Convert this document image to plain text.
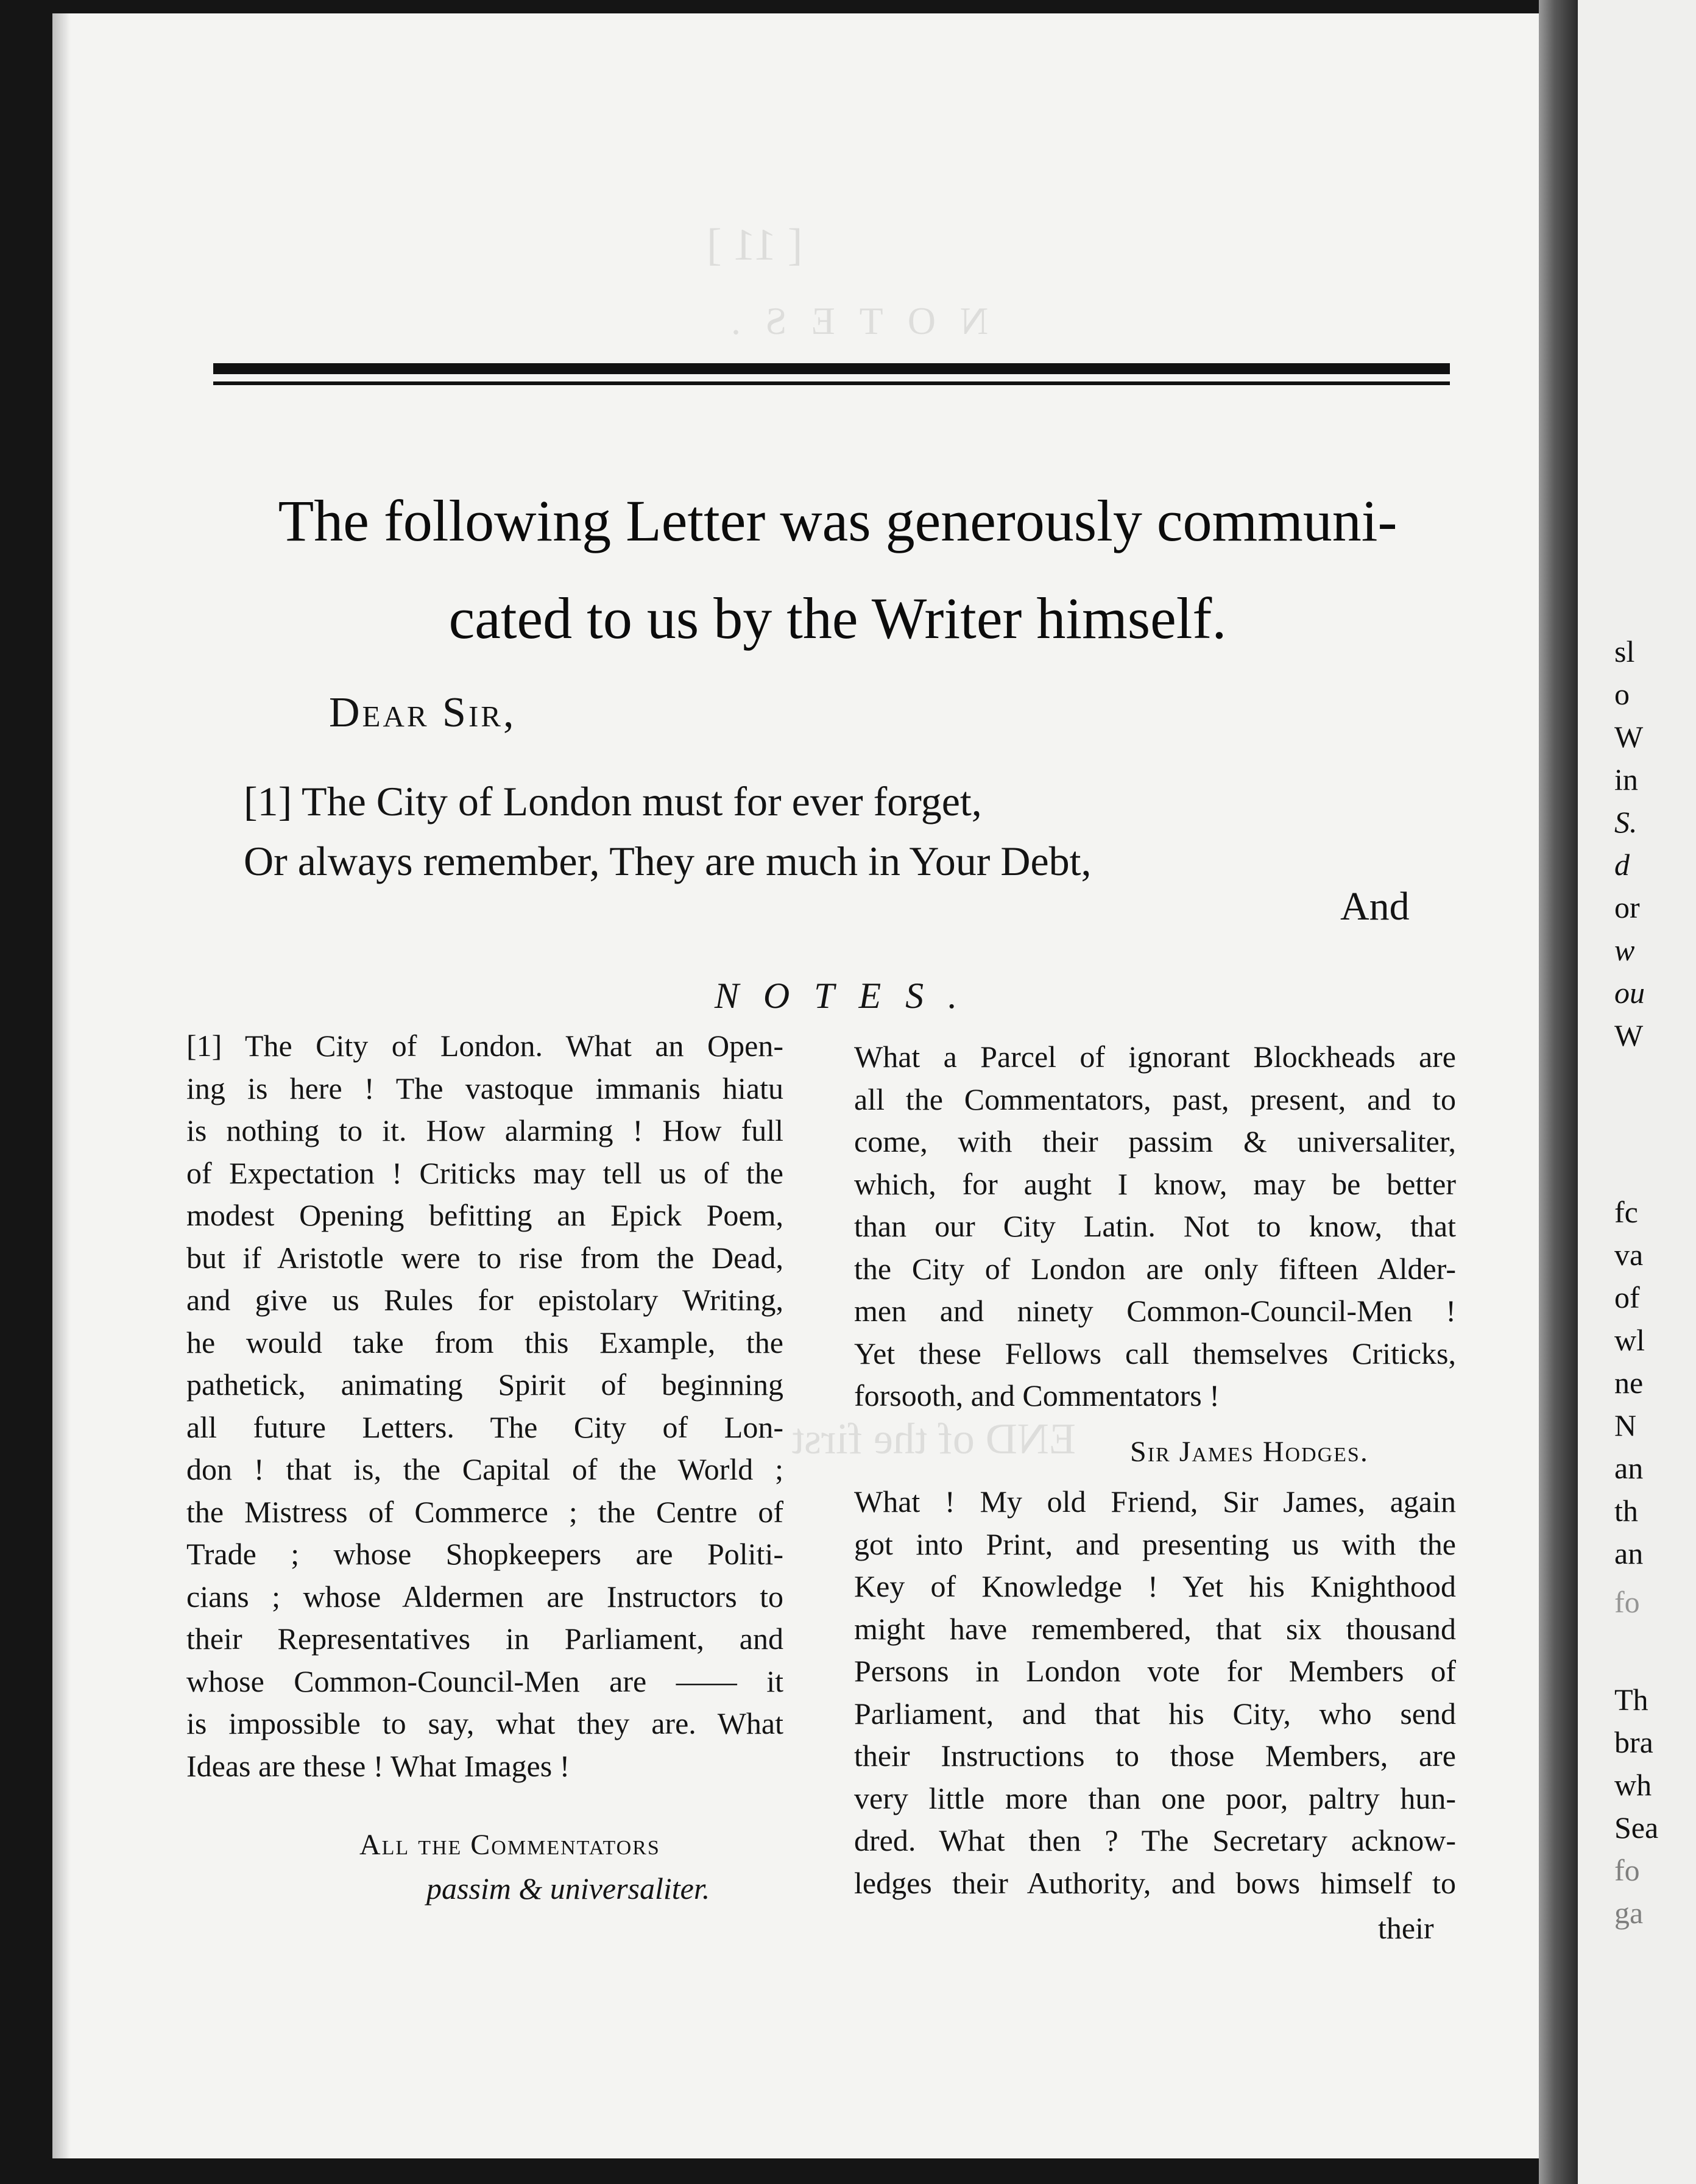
[ 11 ]
NOTES.
END of the first
The following Letter was generously communi-
cated to us by the Writer himself.
Dear Sir,
[1] The City of London must for ever forget,
Or always remember, They are much in Your Debt,
And
NOTES.

[1] The City of London. What an Open-

ing is here ! The vastoque immanis hiatu

is nothing to it. How alarming ! How full

of Expectation ! Criticks may tell us of the

modest Opening befitting an Epick Poem,

but if Aristotle were to rise from the Dead,

and give us Rules for epistolary Writing,

he would take from this Example, the

pathetick, animating Spirit of beginning

all future Letters. The City of Lon-

don ! that is, the Capital of the World ;

the Mistress of Commerce ; the Centre of

Trade ; whose Shopkeepers are Politi-

cians ; whose Aldermen are Instructors to

their Representatives in Parliament, and

whose Common-Council-Men are —— it

is impossible to say, what they are. What

Ideas are these ! What Images !

All the Commentators
passim & universaliter.

What a Parcel of ignorant Blockheads are

all the Commentators, past, present, and to

come, with their passim & universaliter,

which, for aught I know, may be better

than our City Latin. Not to know, that

the City of London are only fifteen Alder-

men and ninety Common-Council-Men !

Yet these Fellows call themselves Criticks,

forsooth, and Commentators !

Sir James Hodges.

What ! My old Friend, Sir James, again

got into Print, and presenting us with the

Key of Knowledge ! Yet his Knighthood

might have remembered, that six thousand

Persons in London vote for Members of

Parliament, and that his City, who send

their Instructions to those Members, are

very little more than one poor, paltry hun-

dred. What then ? The Secretary acknow-

ledges their Authority, and bows himself to

their
sl
o
W
in
S.
d
or
w
ou
W
fc
va
of
wl
ne
N
an
th
an
fo
Th
bra
wh
Sea
fo
ga
